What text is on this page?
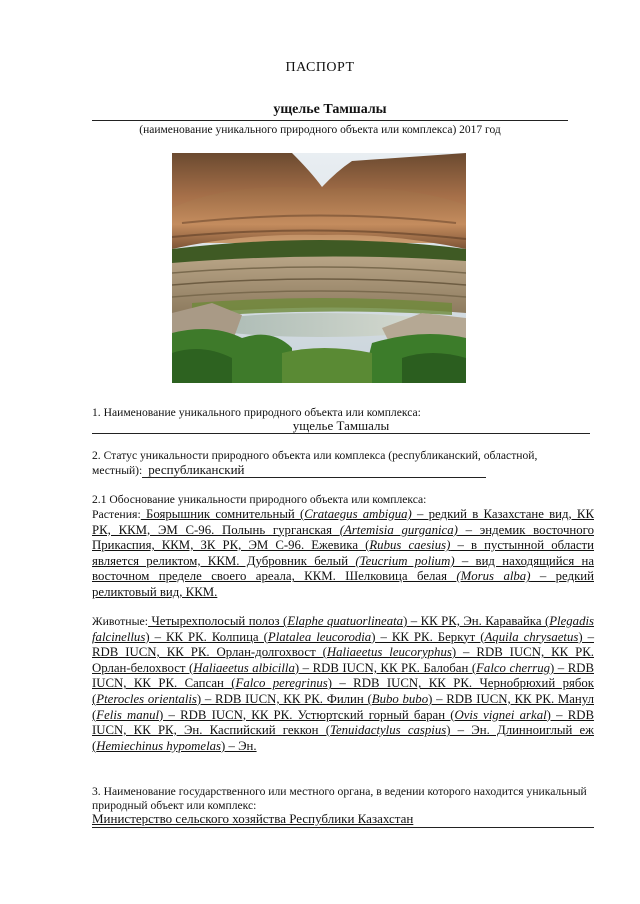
ПАСПОРТ
ущелье Тамшалы
(наименование уникального природного объекта или комплекса) 2017 год
1. Наименование уникального природного объекта или комплекса:
ущелье Тамшалы
2. Статус уникальности природного объекта или комплекса (республиканский, областной, местный): республиканский
2.1 Обоснование уникальности природного объекта или комплекса:
Растения: Боярышник сомнительный (Crataegus ambigua) – редкий в Казахстане вид, КК РК, ККМ, ЭМ С-96. Полынь гурганская (Artemisia gurganica) – эндемик восточного Прикаспия, ККМ, ЗК РК, ЭМ С-96. Ежевика (Rubus caesius) – в пустынной области является реликтом, ККМ. Дубровник белый (Teucrium polium) – вид находящийся на восточном пределе своего ареала, ККМ. Шелковица белая (Morus alba) – редкий реликтовый вид, ККМ.
Животные: Четырехполосый полоз (Elaphe quatuorlineata) – КК РК, Эн. Каравайка (Plegadis falcinellus) – КК РК. Колпица (Platalea leucorodia) – КК РК. Беркут (Aquila chrysaetus) – RDB IUCN, КК РК. Орлан-долгохвост (Haliaeetus leucoryphus) – RDB IUCN, КК РК. Орлан-белохвост (Haliaeetus albicilla) – RDB IUCN, КК РК. Балобан (Falco cherrug) – RDB IUCN, КК РК. Сапсан (Falco peregrinus) – RDB IUCN, КК РК. Чернобрюхий рябок (Pterocles orientalis) – RDB IUCN, КК РК. Филин (Bubo bubo) – RDB IUCN, КК РК. Манул (Felis manul) – RDB IUCN, КК РК. Устюртский горный баран (Ovis vignei arkal) – RDB IUCN, КК РК, Эн. Каспийский геккон (Tenuidactylus caspius) – Эн. Длинноиглый еж (Hemiechinus hypomelas) – Эн.
3. Наименование государственного или местного органа, в ведении которого находится уникальный природный объект или комплекс:
Министерство сельского хозяйства Республики Казахстан
